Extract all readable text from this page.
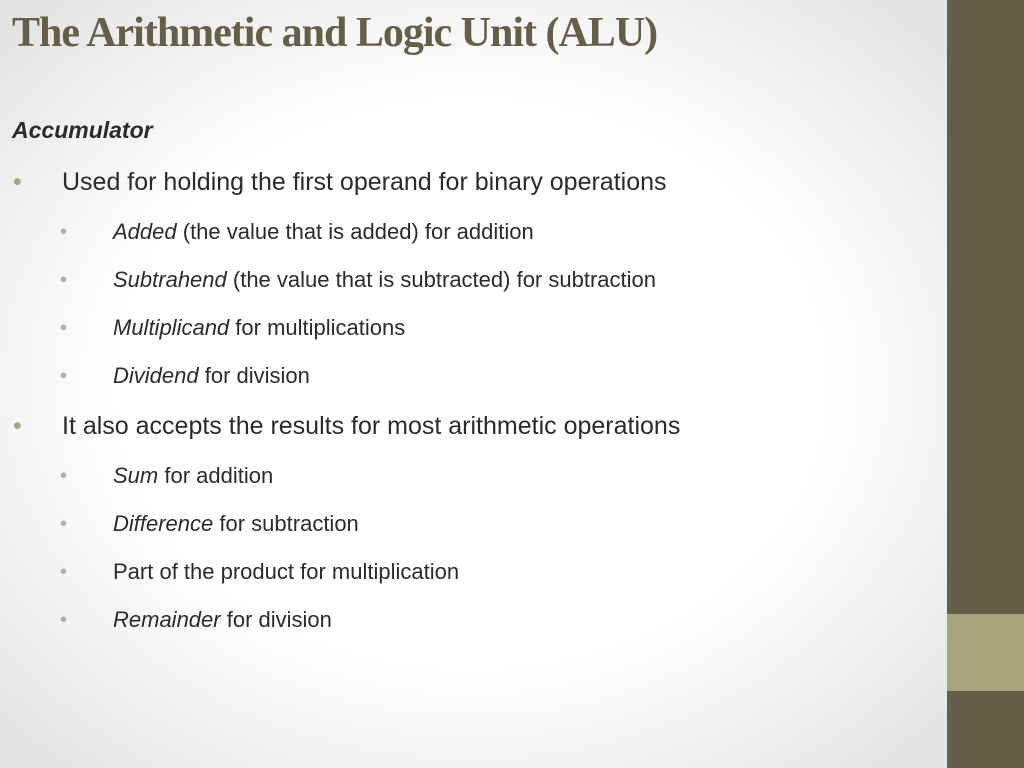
The Arithmetic and Logic Unit (ALU)

Accumulator

• Used for holding the first operand for binary operations
• Added (the value that is added) for addition
• Subtrahend (the value that is subtracted) for subtraction
• Multiplicand for multiplications
• Dividend for division
• It also accepts the results for most arithmetic operations
• Sum for addition
• Difference for subtraction
• Part of the product for multiplication
• Remainder for division
